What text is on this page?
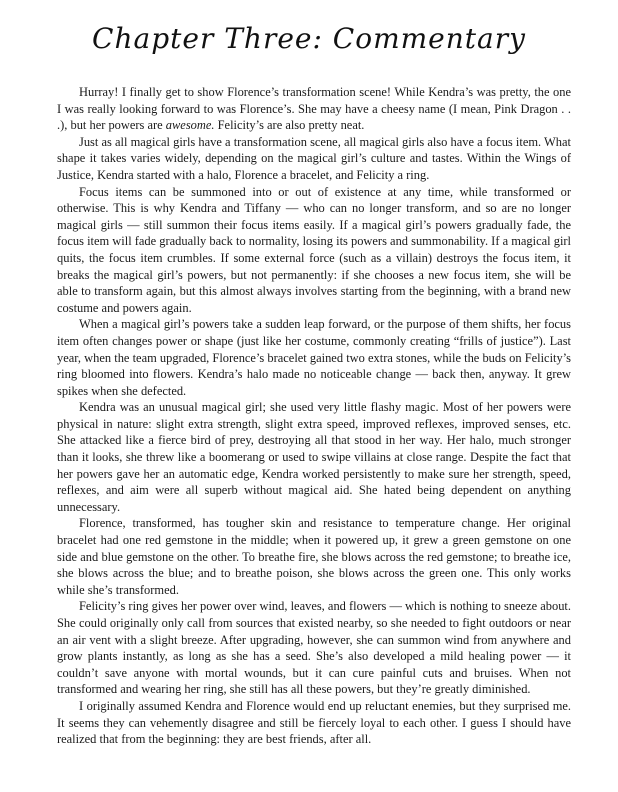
Chapter Three: Commentary

Hurray! I finally get to show Florence’s transformation scene! While Kendra’s was pretty, the one I was really looking forward to was Florence’s. She may have a cheesy name (I mean, Pink Dragon . . .), but her powers are awesome. Felicity’s are also pretty neat.

Just as all magical girls have a transformation scene, all magical girls also have a focus item. What shape it takes varies widely, depending on the magical girl’s culture and tastes. Within the Wings of Justice, Kendra started with a halo, Florence a bracelet, and Felicity a ring.

Focus items can be summoned into or out of existence at any time, while transformed or otherwise. This is why Kendra and Tiffany — who can no longer transform, and so are no longer magical girls — still summon their focus items easily. If a magical girl’s powers gradually fade, the focus item will fade gradually back to normality, losing its powers and summonability. If a magical girl quits, the focus item crumbles. If some external force (such as a villain) destroys the focus item, it breaks the magical girl’s powers, but not permanently: if she chooses a new focus item, she will be able to transform again, but this almost always involves starting from the beginning, with a brand new costume and powers again.

When a magical girl’s powers take a sudden leap forward, or the purpose of them shifts, her focus item often changes power or shape (just like her costume, commonly creating “frills of justice”). Last year, when the team upgraded, Florence’s bracelet gained two extra stones, while the buds on Felicity’s ring bloomed into flowers. Kendra’s halo made no noticeable change — back then, anyway. It grew spikes when she defected.

Kendra was an unusual magical girl; she used very little flashy magic. Most of her powers were physical in nature: slight extra strength, slight extra speed, improved reflexes, improved senses, etc. She attacked like a fierce bird of prey, destroying all that stood in her way. Her halo, much stronger than it looks, she threw like a boomerang or used to swipe villains at close range. Despite the fact that her powers gave her an automatic edge, Kendra worked persistently to make sure her strength, speed, reflexes, and aim were all superb without magical aid. She hated being dependent on anything unnecessary.

Florence, transformed, has tougher skin and resistance to temperature change. Her original bracelet had one red gemstone in the middle; when it powered up, it grew a green gemstone on one side and blue gemstone on the other. To breathe fire, she blows across the red gemstone; to breathe ice, she blows across the blue; and to breathe poison, she blows across the green one. This only works while she’s transformed.

Felicity’s ring gives her power over wind, leaves, and flowers — which is nothing to sneeze about. She could originally only call from sources that existed nearby, so she needed to fight outdoors or near an air vent with a slight breeze. After upgrading, however, she can summon wind from anywhere and grow plants instantly, as long as she has a seed. She’s also developed a mild healing power — it couldn’t save anyone with mortal wounds, but it can cure painful cuts and bruises. When not transformed and wearing her ring, she still has all these powers, but they’re greatly diminished.

I originally assumed Kendra and Florence would end up reluctant enemies, but they surprised me. It seems they can vehemently disagree and still be fiercely loyal to each other. I guess I should have realized that from the beginning: they are best friends, after all.
